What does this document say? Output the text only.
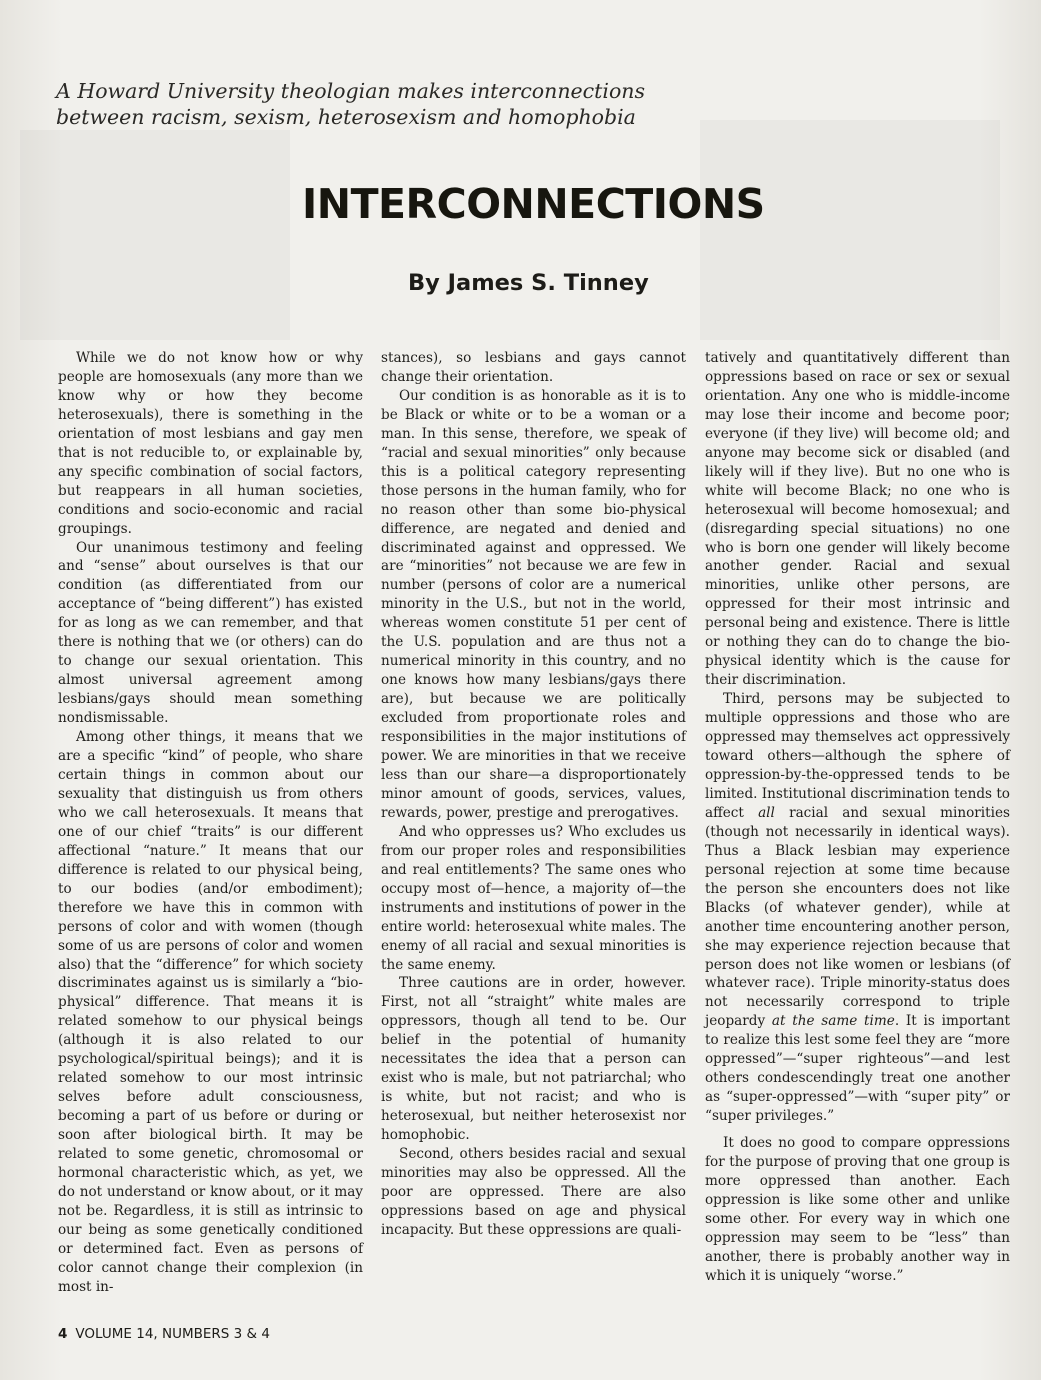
A Howard University theologian makes interconnections
between racism, sexism, heterosexism and homophobia
INTERCONNECTIONS
By James S. Tinney

While we do not know how or why people are homosexuals (any more than we know why or how they become heterosexuals), there is something in the orientation of most lesbians and gay men that is not reducible to, or explainable by, any specific combination of social factors, but reappears in all human societies, conditions and socio-economic and racial groupings.

Our unanimous testimony and feeling and “sense” about ourselves is that our condition (as differentiated from our acceptance of “being different”) has existed for as long as we can remember, and that there is nothing that we (or others) can do to change our sexual orientation. This almost universal agreement among lesbians/gays should mean something nondismissable.

Among other things, it means that we are a specific “kind” of people, who share certain things in common about our sexuality that distinguish us from others who we call heterosexuals. It means that one of our chief “traits” is our different affectional “nature.” It means that our difference is related to our physical being, to our bodies (and/or embodiment); therefore we have this in common with persons of color and with women (though some of us are persons of color and women also) that the “difference” for which society discriminates against us is similarly a “bio-physical” difference. That means it is related somehow to our physical beings (although it is also related to our psychological/spiritual beings); and it is related somehow to our most intrinsic selves before adult consciousness, becoming a part of us before or during or soon after biological birth. It may be related to some genetic, chromosomal or hormonal characteristic which, as yet, we do not understand or know about, or it may not be. Regardless, it is still as intrinsic to our being as some genetically conditioned or determined fact. Even as persons of color cannot change their complexion (in most in-

stances), so lesbians and gays cannot change their orientation.

Our condition is as honorable as it is to be Black or white or to be a woman or a man. In this sense, therefore, we speak of “racial and sexual minorities” only because this is a political category representing those persons in the human family, who for no reason other than some bio-physical difference, are negated and denied and discriminated against and oppressed. We are “minorities” not because we are few in number (persons of color are a numerical minority in the U.S., but not in the world, whereas women constitute 51 per cent of the U.S. population and are thus not a numerical minority in this country, and no one knows how many lesbians/gays there are), but because we are politically excluded from proportionate roles and responsibilities in the major institutions of power. We are minorities in that we receive less than our share—a disproportionately minor amount of goods, services, values, rewards, power, prestige and prerogatives.

And who oppresses us? Who excludes us from our proper roles and responsibilities and real entitlements? The same ones who occupy most of—hence, a majority of—the instruments and institutions of power in the entire world: heterosexual white males. The enemy of all racial and sexual minorities is the same enemy.

Three cautions are in order, however. First, not all “straight” white males are oppressors, though all tend to be. Our belief in the potential of humanity necessitates the idea that a person can exist who is male, but not patriarchal; who is white, but not racist; and who is heterosexual, but neither heterosexist nor homophobic.

Second, others besides racial and sexual minorities may also be oppressed. All the poor are oppressed. There are also oppressions based on age and physical incapacity. But these oppressions are quali-

tatively and quantitatively different than oppressions based on race or sex or sexual orientation. Any one who is middle-income may lose their income and become poor; everyone (if they live) will become old; and anyone may become sick or disabled (and likely will if they live). But no one who is white will become Black; no one who is heterosexual will become homosexual; and (disregarding special situations) no one who is born one gender will likely become another gender. Racial and sexual minorities, unlike other persons, are oppressed for their most intrinsic and personal being and existence. There is little or nothing they can do to change the bio-physical identity which is the cause for their discrimination.

Third, persons may be subjected to multiple oppressions and those who are oppressed may themselves act oppressively toward others—although the sphere of oppression-by-the-oppressed tends to be limited. Institutional discrimination tends to affect all racial and sexual minorities (though not necessarily in identical ways). Thus a Black lesbian may experience personal rejection at some time because the person she encounters does not like Blacks (of whatever gender), while at another time encountering another person, she may experience rejection because that person does not like women or lesbians (of whatever race). Triple minority-status does not necessarily correspond to triple jeopardy at the same time. It is important to realize this lest some feel they are “more oppressed”—“super righteous”—and lest others condescendingly treat one another as “super-oppressed”—with “super pity” or “super privileges.”

It does no good to compare oppressions for the purpose of proving that one group is more oppressed than another. Each oppression is like some other and unlike some other. For every way in which one oppression may seem to be “less” than another, there is probably another way in which it is uniquely “worse.”

4 VOLUME 14, NUMBERS 3 & 4
